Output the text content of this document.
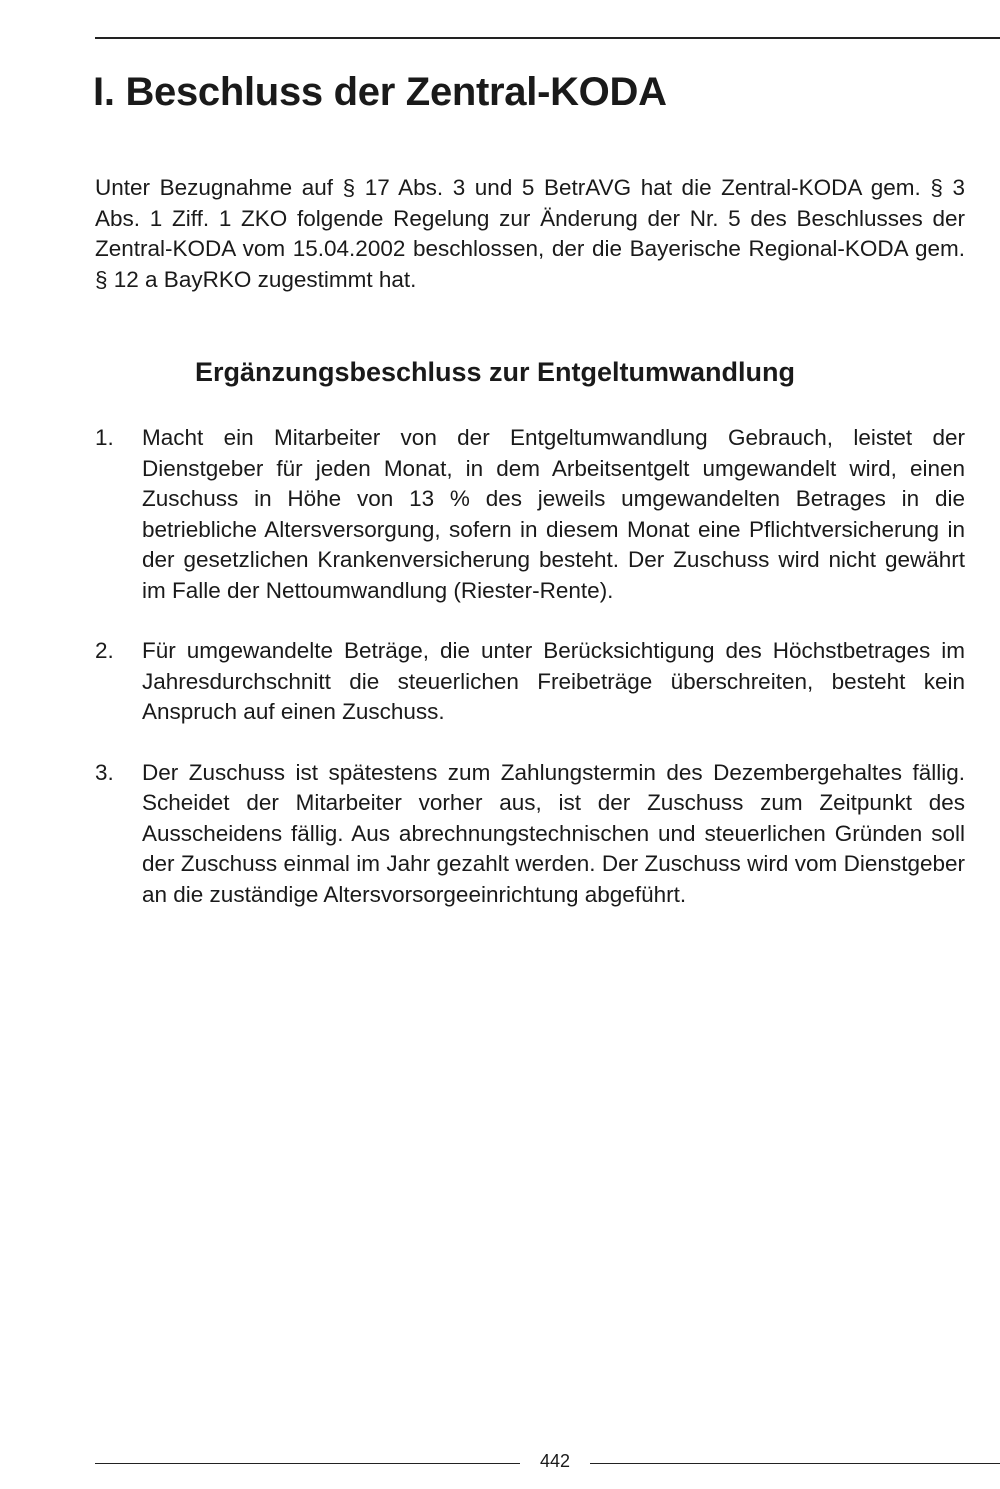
I. Beschluss der Zentral-KODA

Unter Bezugnahme auf § 17 Abs. 3 und 5 BetrAVG hat die Zentral-KODA gem. § 3 Abs. 1 Ziff. 1 ZKO folgende Regelung zur Änderung der Nr. 5 des Beschlusses der Zentral-KODA vom 15.04.2002 beschlossen, der die Bayerische Regional-KODA gem. § 12 a BayRKO zugestimmt hat.

Ergänzungsbeschluss zur Entgeltumwandlung
1. Macht ein Mitarbeiter von der Entgeltumwandlung Gebrauch, leistet der Dienstgeber für jeden Monat, in dem Arbeitsentgelt umgewandelt wird, einen Zuschuss in Höhe von 13 % des jeweils umgewandelten Betrages in die betriebliche Altersversorgung, sofern in diesem Monat eine Pflichtversicherung in der gesetzlichen Krankenversicherung besteht. Der Zuschuss wird nicht gewährt im Falle der Nettoumwandlung (Riester-Rente).
2. Für umgewandelte Beträge, die unter Berücksichtigung des Höchstbetrages im Jahresdurchschnitt die steuerlichen Freibeträge überschreiten, besteht kein Anspruch auf einen Zuschuss.
3. Der Zuschuss ist spätestens zum Zahlungstermin des Dezembergehaltes fällig. Scheidet der Mitarbeiter vorher aus, ist der Zuschuss zum Zeitpunkt des Ausscheidens fällig. Aus abrechnungstechnischen und steuerlichen Gründen soll der Zuschuss einmal im Jahr gezahlt werden. Der Zuschuss wird vom Dienstgeber an die zuständige Altersvorsorgeeinrichtung abgeführt.
442
